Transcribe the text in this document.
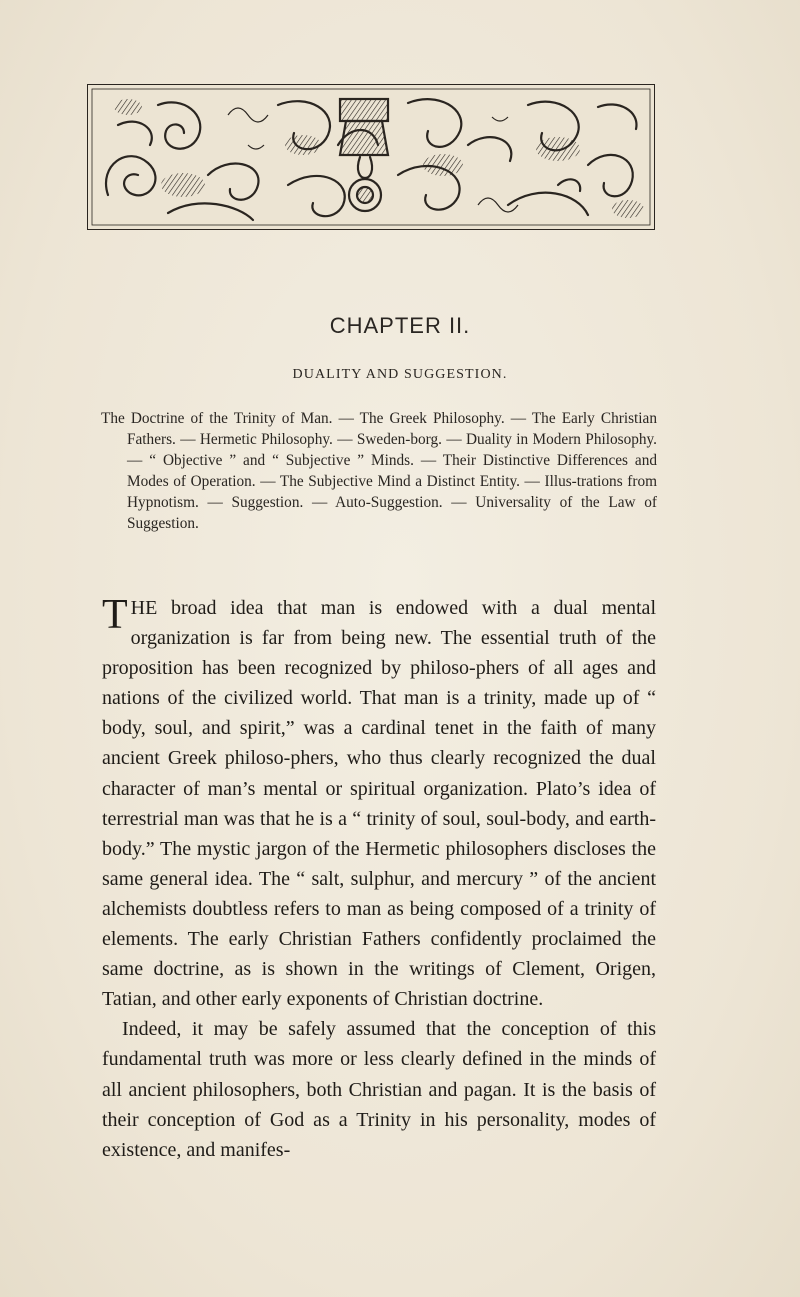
CHAPTER II.
DUALITY AND SUGGESTION.
The Doctrine of the Trinity of Man. — The Greek Philosophy. — The Early Christian Fathers. — Hermetic Philosophy. — Sweden-borg. — Duality in Modern Philosophy. — “ Objective ” and “ Subjective ” Minds. — Their Distinctive Differences and Modes of Operation. — The Subjective Mind a Distinct Entity. — Illus-trations from Hypnotism. — Suggestion. — Auto-Suggestion. — Universality of the Law of Suggestion.

THE broad idea that man is endowed with a dual mental organization is far from being new. The essential truth of the proposition has been recognized by philoso-phers of all ages and nations of the civilized world. That man is a trinity, made up of “ body, soul, and spirit,” was a cardinal tenet in the faith of many ancient Greek philoso-phers, who thus clearly recognized the dual character of man’s mental or spiritual organization. Plato’s idea of terrestrial man was that he is a “ trinity of soul, soul-body, and earth-body.” The mystic jargon of the Hermetic philosophers discloses the same general idea. The “ salt, sulphur, and mercury ” of the ancient alchemists doubtless refers to man as being composed of a trinity of elements. The early Christian Fathers confidently proclaimed the same doctrine, as is shown in the writings of Clement, Origen, Tatian, and other early exponents of Christian doctrine.

Indeed, it may be safely assumed that the conception of this fundamental truth was more or less clearly defined in the minds of all ancient philosophers, both Christian and pagan. It is the basis of their conception of God as a Trinity in his personality, modes of existence, and manifes-
